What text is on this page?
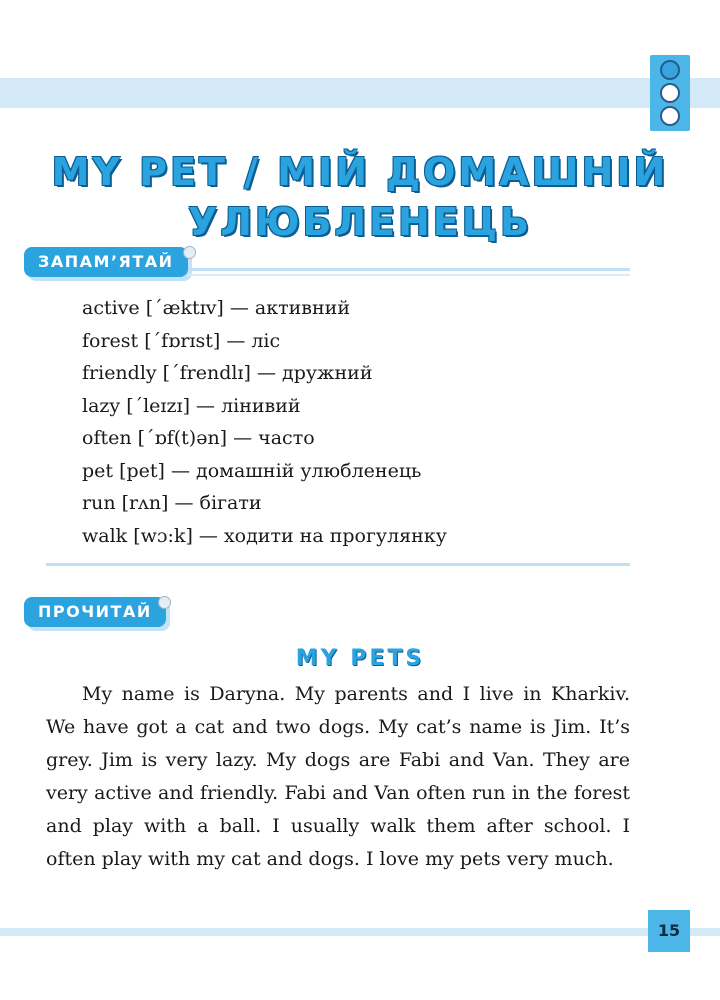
MY PET / МІЙ ДОМАШНІЙ
УЛЮБЛЕНЕЦЬ
ЗАПАМ’ЯТАЙ
active [΄æktɪv] — активний
forest [΄fɒrɪst] — ліс
friendly [΄frendlɪ] — дружний
lazy [΄leɪzɪ] — лінивий
often [΄ɒf(t)ən] — часто
pet [pet] — домашній улюбленець
run [rʌn] — бігати
walk [wɔ:k] — ходити на прогулянку
ПРОЧИТАЙ
MY PETS

My name is Daryna. My parents and I live in Kharkiv. We have got a cat and two dogs. My cat’s name is Jim. It’s grey. Jim is very lazy. My dogs are Fabi and Van. They are very active and friendly. Fabi and Van often run in the forest and play with a ball. I usually walk them after school. I often play with my cat and dogs. I love my pets very much.

15
